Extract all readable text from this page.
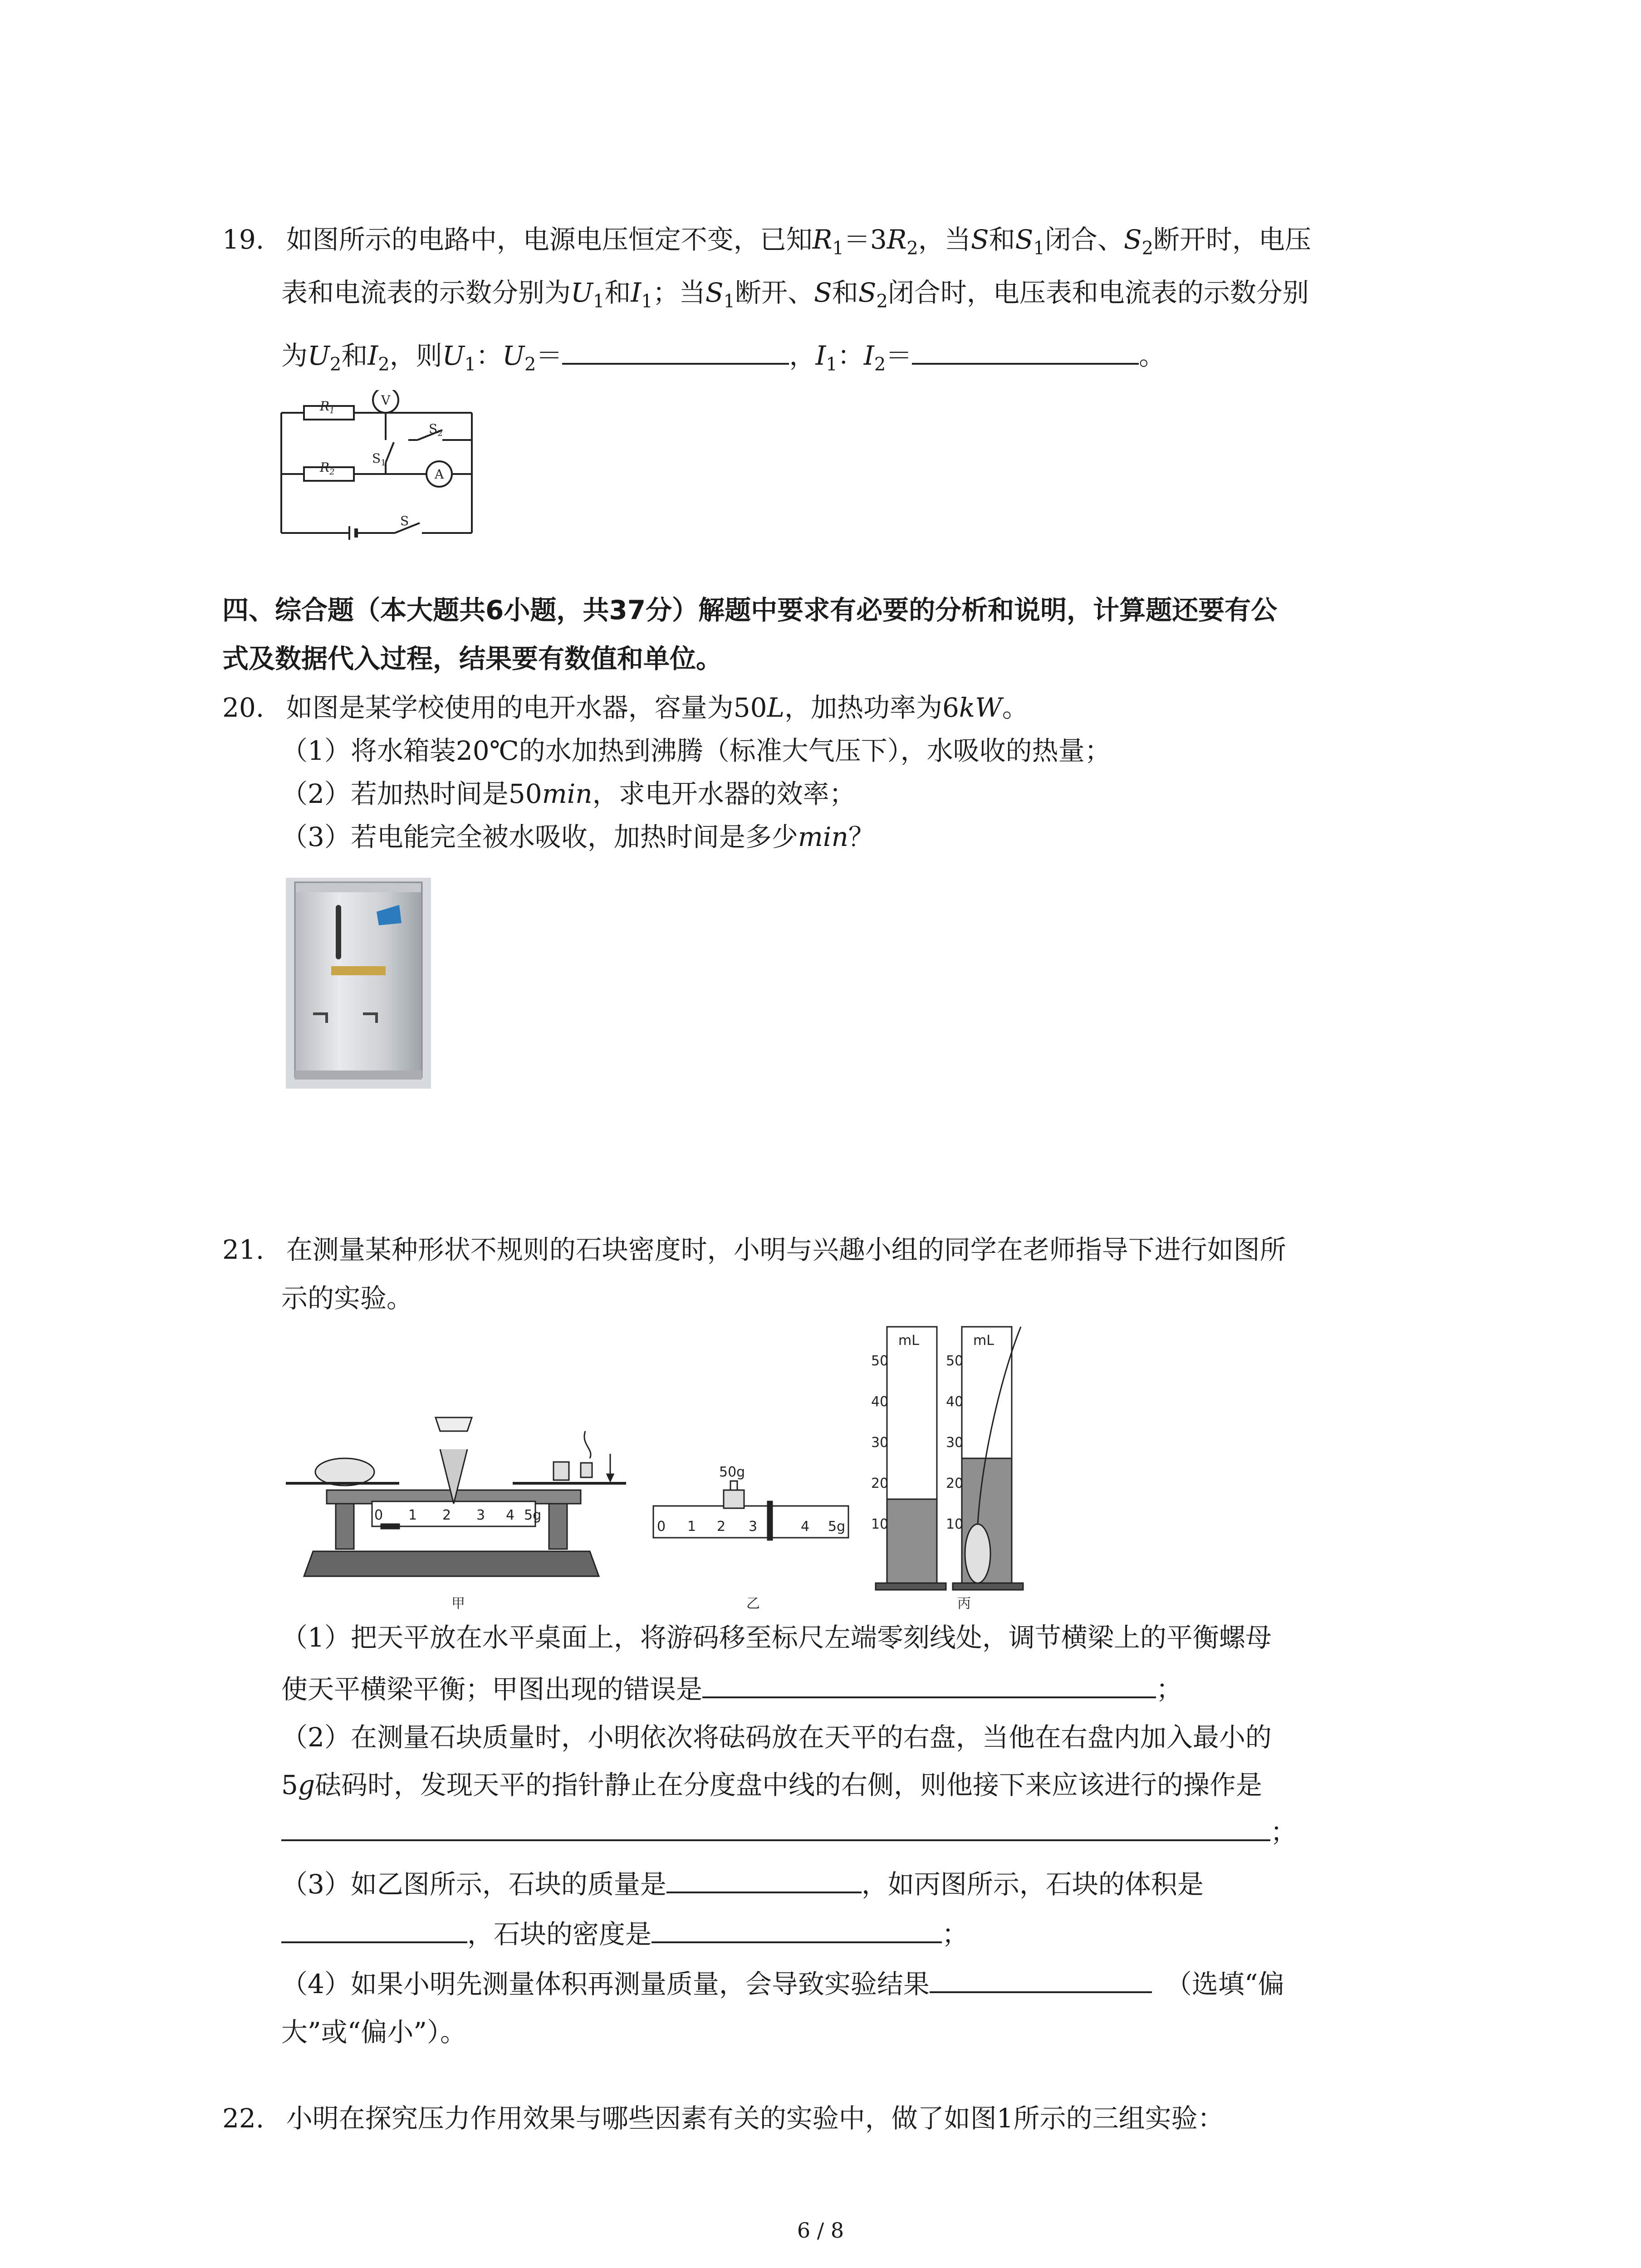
19. 如图所示的电路中，电源电压恒定不变，已知$R_1=3R_2$，当S和$S_1$闭合、$S_2$断开时，电压
表和电流表的示数分别为$U_1$和$I_1$；当$S_1$断开、S和$S_2$闭合时，电压表和电流表的示数分别
为$U_2$和$I_2$，则$U_1$：$U_2=$	，$I_1$：$I_2=$	。
$R_1$
$R_2$
V
A
S
$S_1$
$S_2$
四、综合题（本大题共6小题，共37分）解题中要求有必要的分析和说明，计算题还要有公
式及数据代入过程，结果要有数值和单位。
20. 如图是某学校使用的电开水器，容量为50L，加热功率为6kW。
（1）将水箱装20℃的水加热到沸腾（标准大气压下），水吸收的热量；
（2）若加热时间是50min，求电开水器的效率；
（3）若电能完全被水吸收，加热时间是多少min？
21. 在测量某种形状不规则的石块密度时，小明与兴趣小组的同学在老师指导下进行如图所
示的实验。
0 1 2 3 4 5g
甲
50g
0 1 2 3	4 5g
乙
mL	mL
50
40
30
20
10
50
40
30
20
10
丙
（1）把天平放在水平桌面上，将游码移至标尺左端零刻线处，调节横梁上的平衡螺母
使天平横梁平衡；甲图出现的错误是	；
（2）在测量石块质量时，小明依次将砝码放在天平的右盘，当他在右盘内加入最小的
5g砝码时，发现天平的指针静止在分度盘中线的右侧，则他接下来应该进行的操作是
；
（3）如乙图所示，石块的质量是	，如丙图所示，石块的体积是
，石块的密度是	；
（4）如果小明先测量体积再测量质量，会导致实验结果	（选填“偏
大”或“偏小”）。
22. 小明在探究压力作用效果与哪些因素有关的实验中，做了如图1所示的三组实验：
6 / 8
